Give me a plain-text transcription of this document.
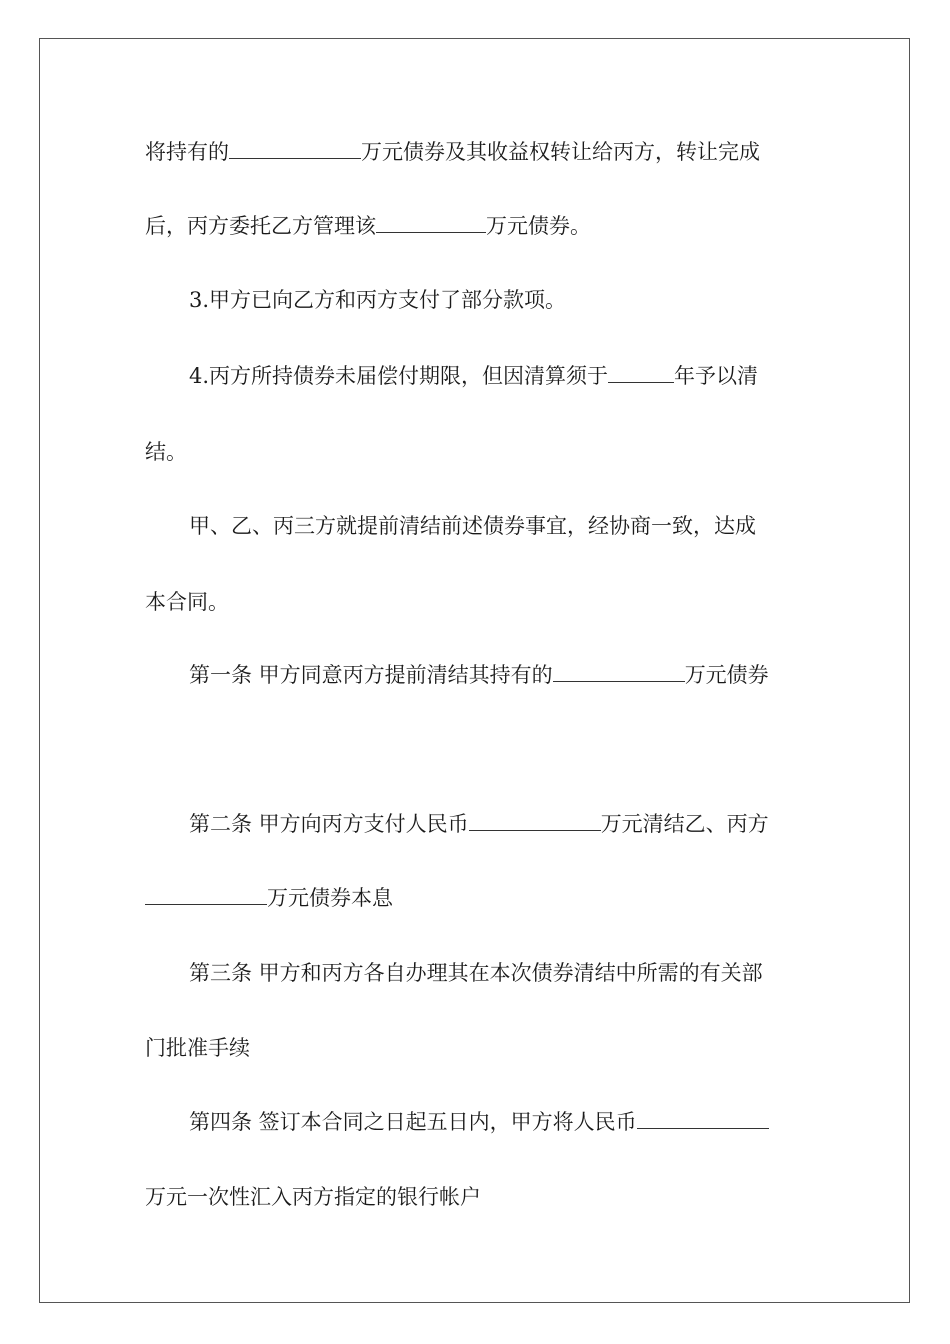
将持有的	万元债券及其收益权转让给丙方，转让完成
后，丙方委托乙方管理该	万元债券。
3.甲方已向乙方和丙方支付了部分款项。
4.丙方所持债券未届偿付期限，但因清算须于	年予以清
结。
甲、乙、丙三方就提前清结前述债券事宜，经协商一致，达成
本合同。
第一条 甲方同意丙方提前清结其持有的	万元债券
第二条 甲方向丙方支付人民币	万元清结乙、丙方
万元债券本息
第三条 甲方和丙方各自办理其在本次债券清结中所需的有关部
门批准手续
第四条 签订本合同之日起五日内，甲方将人民币
万元一次性汇入丙方指定的银行帐户
